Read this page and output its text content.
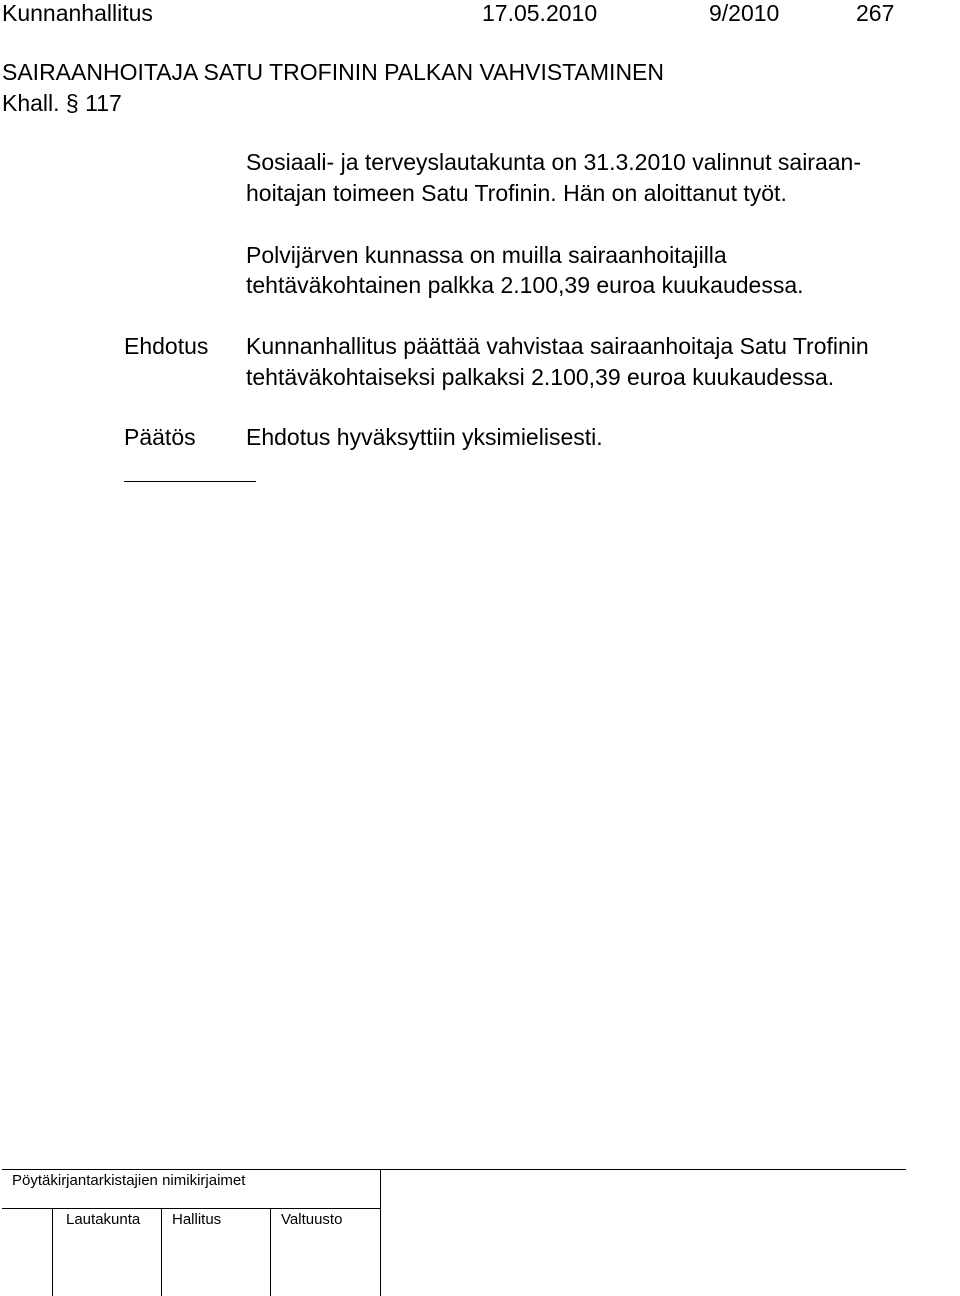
Kunnanhallitus	17.05.2010	9/2010	267
SAIRAANHOITAJA SATU TROFININ PALKAN VAHVISTAMINEN
Khall. § 117
Sosiaali- ja terveyslautakunta on 31.3.2010 valinnut sairaan-
hoitajan toimeen Satu Trofinin. Hän on aloittanut työt.
Polvijärven kunnassa on muilla sairaanhoitajilla
tehtäväkohtainen palkka 2.100,39 euroa kuukaudessa.
Ehdotus Kunnanhallitus päättää vahvistaa sairaanhoitaja Satu Trofinin
tehtäväkohtaiseksi palkaksi 2.100,39 euroa kuukaudessa.
Päätös Ehdotus hyväksyttiin yksimielisesti.
Pöytäkirjantarkistajien nimikirjaimet
Lautakunta Hallitus	Valtuusto
